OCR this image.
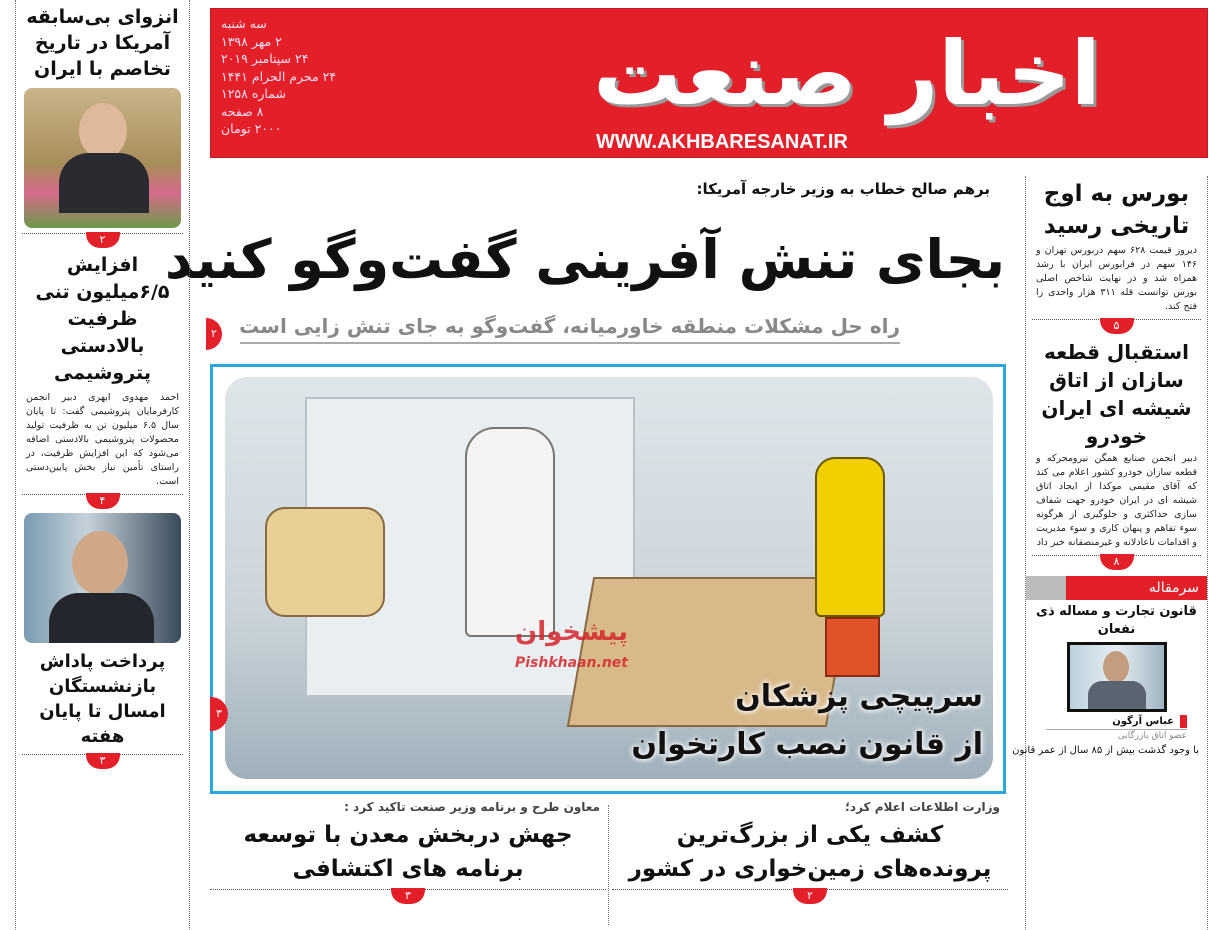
اخبار صنعت
WWW.AKHBARESANAT.IR
سه شنبه
۲ مهر ۱۳۹۸
۲۴ سپتامبر ۲۰۱۹
۲۴ محرم الحرام ۱۴۴۱
شماره ۱۲۵۸
۸ صفحه
۲۰۰۰ تومان
برهم صالح خطاب به وزیر خارجه آمریکا:
بجای تنش آفرینی گفت‌وگو کنید
راه حل مشکلات منطقه خاورمیانه، گفت‌وگو به جای تنش زایی است
۲
پیشخوان
Pishkhaan.net
سرپیچی پزشکان
از قانون نصب کارتخوان
۳
وزارت اطلاعات اعلام کرد؛
کشف یکی از بزرگ‌ترین
پرونده‌های زمین‌خواری در کشور
۲
معاون طرح و برنامه وزیر صنعت تاکید کرد :
جهش دربخش معدن با توسعه
برنامه های اکتشافی
۳
انزوای بی‌سابقه آمریکا در تاریخ تخاصم با ایران
۲
افزایش ۶/۵میلیون تنی ظرفیت بالادستی پتروشیمی
احمد مهدوی ابهری دبیر انجمن کارفرمایان پتروشیمی گفت: تا پایان سال ۶.۵ میلیون تن به ظرفیت تولید محصولات پتروشیمی بالادستی اضافه می‌شود که این افزایش ظرفیت، در راستای تأمین نیاز بخش پایین‌دستی است.
۴
پرداخت پاداش بازنشستگان امسال تا پایان هفته
۳
بورس به اوج تاریخی رسید
دیروز قیمت ۶۲۸ سهم دربورس تهران و ۱۴۶ سهم در فرابورس ایران با رشد همراه شد و در نهایت شاخص اصلی بورس توانست قله ۳۱۱ هزار واحدی را فتح کند.
۵
استقبال قطعه سازان از اتاق شیشه ای ایران خودرو
دبیر انجمن صنایع همگن نیرومحرکه و قطعه سازان خودرو کشور اعلام می کند که آقای مقیمی موکدا از ایجاد اتاق شیشه ای در ایران خودرو جهت شفاف سازی حداکثری و جلوگیری از هرگونه سوء تفاهم و پنهان کاری و سوء مدیریت و اقدامات ناعادلانه و غیرمنصفانه خبر داد
۸
سرمقاله
قانون تجارت و مساله ذی نفعان
عباس آرگون
عضو اتاق بازرگانی
با وجود گذشت بیش از ۸۵ سال از عمر قانون
